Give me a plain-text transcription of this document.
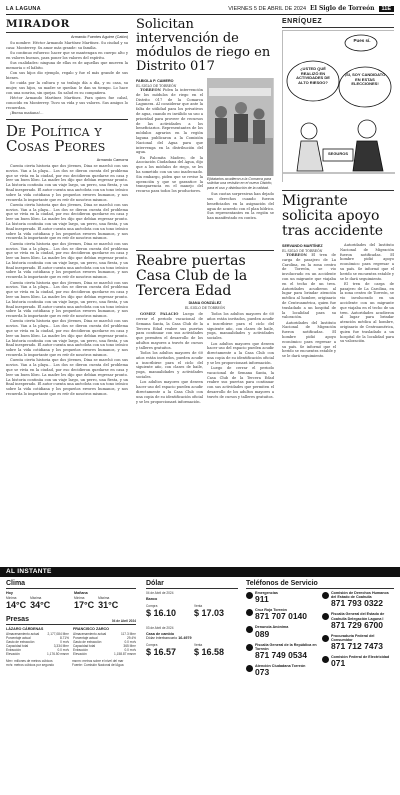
LA LAGUNA	VIERNES 5 DE ABRIL DE 2024 El Siglo de Torreón	11E
MIRADOR
Armando Fuentes Aguirre (Catón)

Su nombre: Héctor Armando Martínez Martínez. Su ciudad y su casa: Monterrey. Su amor más grande: su familia.

Su continuo esfuerzo: hacer que se mantengan en cuerpo alto y en valores buenos, para poner los valores del espíritu.

Sus cualidades: ninguna de ellas es de aquellas que mueven la memoria o el hábito.

Con sus hijos dio ejemplo, regalo y fue el más grande de sus bienes.

Se cuida por la cultura y su trabajo día a día, y su casa, su mujer, sus hijos, su madre se quedan: le dan su tiempo. Lo hace con una sonrisa, sin quejas. Su salud es su compañera.

Héctor Armando Martínez Martínez. Para quien fue cabal, conocido en Monterrey. Tuvo su vida y sus valores. Sus amigos lo recuerdan.

¡Buena mañana!...

De Política y Cosas Peores
Armando Camorra

Cuenta cierta historia que dos jóvenes, Dina se marchó con sus novios. Van a la playa... Los dos se dieron cuenta del problema que se vivía en la ciudad, por eso decidieron quedarse en casa y leer un buen libro. La madre les dijo que debían regresar pronto. La historia continúa con un viaje largo, un perro, una fiesta, y un final inesperado. El autor cuenta una anécdota con un tono irónico sobre la vida cotidiana y los pequeños errores humanos, y nos recuerda lo importante que es reír de nosotros mismos.

Cuenta cierta historia que dos jóvenes, Dina se marchó con sus novios. Van a la playa... Los dos se dieron cuenta del problema que se vivía en la ciudad, por eso decidieron quedarse en casa y leer un buen libro. La madre les dijo que debían regresar pronto. La historia continúa con un viaje largo, un perro, una fiesta, y un final inesperado. El autor cuenta una anécdota con un tono irónico sobre la vida cotidiana y los pequeños errores humanos, y nos recuerda lo importante que es reír de nosotros mismos.

Cuenta cierta historia que dos jóvenes, Dina se marchó con sus novios. Van a la playa... Los dos se dieron cuenta del problema que se vivía en la ciudad, por eso decidieron quedarse en casa y leer un buen libro. La madre les dijo que debían regresar pronto. La historia continúa con un viaje largo, un perro, una fiesta, y un final inesperado. El autor cuenta una anécdota con un tono irónico sobre la vida cotidiana y los pequeños errores humanos, y nos recuerda lo importante que es reír de nosotros mismos.

Cuenta cierta historia que dos jóvenes, Dina se marchó con sus novios. Van a la playa... Los dos se dieron cuenta del problema que se vivía en la ciudad, por eso decidieron quedarse en casa y leer un buen libro. La madre les dijo que debían regresar pronto. La historia continúa con un viaje largo, un perro, una fiesta, y un final inesperado. El autor cuenta una anécdota con un tono irónico sobre la vida cotidiana y los pequeños errores humanos, y nos recuerda lo importante que es reír de nosotros mismos.

Cuenta cierta historia que dos jóvenes, Dina se marchó con sus novios. Van a la playa... Los dos se dieron cuenta del problema que se vivía en la ciudad, por eso decidieron quedarse en casa y leer un buen libro. La madre les dijo que debían regresar pronto. La historia continúa con un viaje largo, un perro, una fiesta, y un final inesperado. El autor cuenta una anécdota con un tono irónico sobre la vida cotidiana y los pequeños errores humanos, y nos recuerda lo importante que es reír de nosotros mismos.

Cuenta cierta historia que dos jóvenes, Dina se marchó con sus novios. Van a la playa... Los dos se dieron cuenta del problema que se vivía en la ciudad, por eso decidieron quedarse en casa y leer un buen libro. La madre les dijo que debían regresar pronto. La historia continúa con un viaje largo, un perro, una fiesta, y un final inesperado. El autor cuenta una anécdota con un tono irónico sobre la vida cotidiana y los pequeños errores humanos, y nos recuerda lo importante que es reír de nosotros mismos.

Solicitan intervención de módulos de riego en Distrito 017
FABIOLA P. CAMERO
EL SIGLO DE TORREÓN

TORREÓN Piden la intervención de los módulos de riego en el Distrito 017 de la Comarca Lagunera. Al considerar que ante la falta de utilidad para los privativos de agua, cuando es inválido su uso a prioridad para proveer de recursos de las actividades a los beneficiarios. Representantes de los módulos agrarios en la región laguna publicaron a la Comisión Nacional del Agua para que intervenga en la distribución del agua.

En Palomita Madero, de la Asociación Ciudadana del Agua, dijo que a los módulos de riego, se les ha sometido con un uso inadecuado. Sin embargo, piden que se revise la operación y que se garantice la transparencia en el manejo del recurso para todos los productores.

Ejidatarios acudieron a la Comarca para solicitar una revisión en el nuevo Distrito, para el uso y distribución de la calidad.

Sus cuotas sorpresivas han dejado sus derechos cuando fueron beneficiados en la asignación del agua de acuerdo con el plan hídrico. Sus representantes en la región se han manifestado en contra.

Reabre puertas Casa Club de la Tercera Edad
DIANA GONZÁLEZ
EL SIGLO DE TORREÓN

GÓMEZ PALACIO Luego de cerrar el periodo vacacional de Semana Santa, la Casa Club de la Tercera Edad reabre sus puertas para continuar con sus actividades que permiten el desarrollo de los adultos mayores a través de cursos y talleres gratuitos.

Todos los adultos mayores de 60 años están invitados, pueden acudir a inscribirse para el ciclo del siguiente año, con clases de baile, yoga, manualidades y actividades sociales.

Los adultos mayores que deseen hacer uso del espacio pueden acudir directamente a la Casa Club con una copia de su identificación oficial y se les proporcionará información.

Todos los adultos mayores de 60 años están invitados, pueden acudir a inscribirse para el ciclo del siguiente año, con clases de baile, yoga, manualidades y actividades sociales.

Los adultos mayores que deseen hacer uso del espacio pueden acudir directamente a la Casa Club con una copia de su identificación oficial y se les proporcionará información.

Luego de cerrar el periodo vacacional de Semana Santa, la Casa Club de la Tercera Edad reabre sus puertas para continuar con sus actividades que permiten el desarrollo de los adultos mayores a través de cursos y talleres gratuitos.

ENRÍQUEZ
Pues sí.
¿USTED QUÉ REALIZÓ EN ACTIVIDADES DE ALTO RIESGO?
¡SI, SOY CANDIDATO EN ESTAS ELECCIONES!
SEGUROS
Migrante solicita apoyo tras accidente
SERVANDO MARTÍNEZ
EL SIGLO DE TORREÓN

TORREÓN El tren de carga de pasajero de La Carolina, en la zona centro de Torreón, se vio involucrado en un accidente con un migrante que viajaba en el techo de un tren. Autoridades acudieron al lugar para brindar atención médica al hombre, originario de Centroamérica, quien fue trasladado a un hospital de la localidad para su valoración.

Autoridades del Instituto Nacional de Migración fueron notificadas. El hombre pidió apoyo económico para regresar a su país. Se informó que el herido se encuentra estable y se le dará seguimiento.

Autoridades del Instituto Nacional de Migración fueron notificadas. El hombre pidió apoyo económico para regresar a su país. Se informó que el herido se encuentra estable y se le dará seguimiento.

El tren de carga de pasajero de La Carolina, en la zona centro de Torreón, se vio involucrado en un accidente con un migrante que viajaba en el techo de un tren. Autoridades acudieron al lugar para brindar atención médica al hombre, originario de Centroamérica, quien fue trasladado a un hospital de la localidad para su valoración.

AL INSTANTE
Clima
Hoy
Mínima
14°C
Máxima
34°C
Mañana
Mínima
17°C
Máxima
31°C
Presas	04 de Abril 2024
LÁZARO CÁRDENAS
Almacenamiento actual	2,177,084 Mm³
Porcentaje actual	8.71%
Gasto de extracción	0 m³/s
Capacidad total	3,334 Mm³
Extracción	0.0 m³/s
Elevación	1,176.50 msnm
FRANCISCO ZARCO
Almacenamiento actual	117.3 Mm³
Porcentaje actual	29.4%
Gasto de extracción	0.0 m³/s
Capacidad total	365 Mm³
Extracción	0.0 m³/s
Elevación	1,158.87 msnm
Mm³: millones de metros cúbicos	msnm: metros sobre el nivel del mar
m³/s: metros cúbicos por segundo	Fuente: Comisión Nacional del Agua
Dólar
04 de Abril de 2024
Banco
Compra
$ 16.10
Venta
$ 17.03
03 de Abril de 2024
Casa de cambio
Dólar interbancario 16.4979
Compra
$ 16.57
Venta
$ 16.58
Teléfonos de Servicio
Emergencias
911
Cruz Roja Torreón
871 707 0140
Denuncia Anónima
089
Fiscalía General de la República en Torreón
871 749 0534
Atención Ciudadana Torreón
073
Comisión de Derechos Humanos del Estado de Coahuila
871 793 0322
Fiscalía General del Estado de Coahuila Delegación Laguna I
871 729 6700
Procuraduría Federal del Consumidor
871 712 7473
Comisión Federal de Electricidad
071
